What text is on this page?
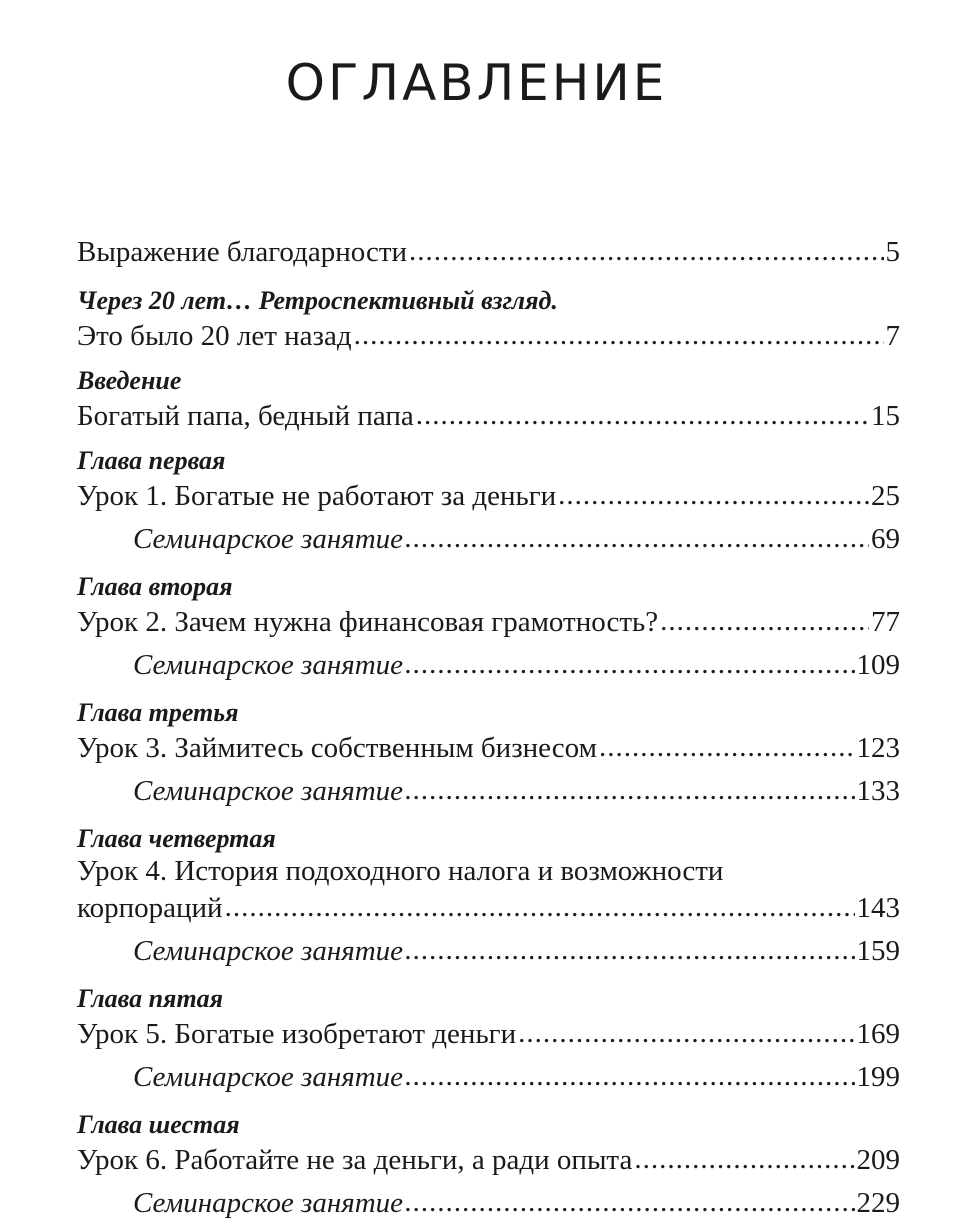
ОГЛАВЛЕНИЕ
Выражение благодарности .....	5
Через 20 лет… Ретроспективный взгляд.
Это было 20 лет назад .....	7
Введение
Богатый папа, бедный папа .....	15
Глава первая
Урок 1. Богатые не работают за деньги .....	25
Семинарское занятие .....	69
Глава вторая
Урок 2. Зачем нужна финансовая грамотность? .....	77
Семинарское занятие .....	109
Глава третья
Урок 3. Займитесь собственным бизнесом .....	123
Семинарское занятие .....	133
Глава четвертая
Урок 4. История подоходного налога и возможности
корпораций .....	143
Семинарское занятие .....	159
Глава пятая
Урок 5. Богатые изобретают деньги .....	169
Семинарское занятие .....	199
Глава шестая
Урок 6. Работайте не за деньги, а ради опыта .....	209
Семинарское занятие .....	229
